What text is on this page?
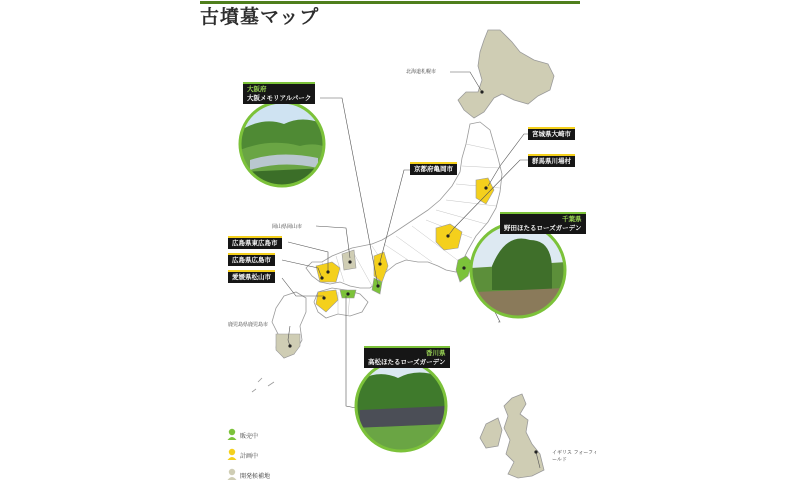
古墳墓マップ
北海道札幌市
宮城県大崎市
群馬県川場村
千葉県
野田ほたるローズガーデン
京都府亀岡市
大阪府
大阪メモリアルパーク
岡山県岡山市
広島県東広島市
広島県広島市
愛媛県松山市
鹿児島県鹿児島市
香川県
高松ほたるローズガーデン
イギリス フォーフィールド
販売中
計画中
開発候補地
